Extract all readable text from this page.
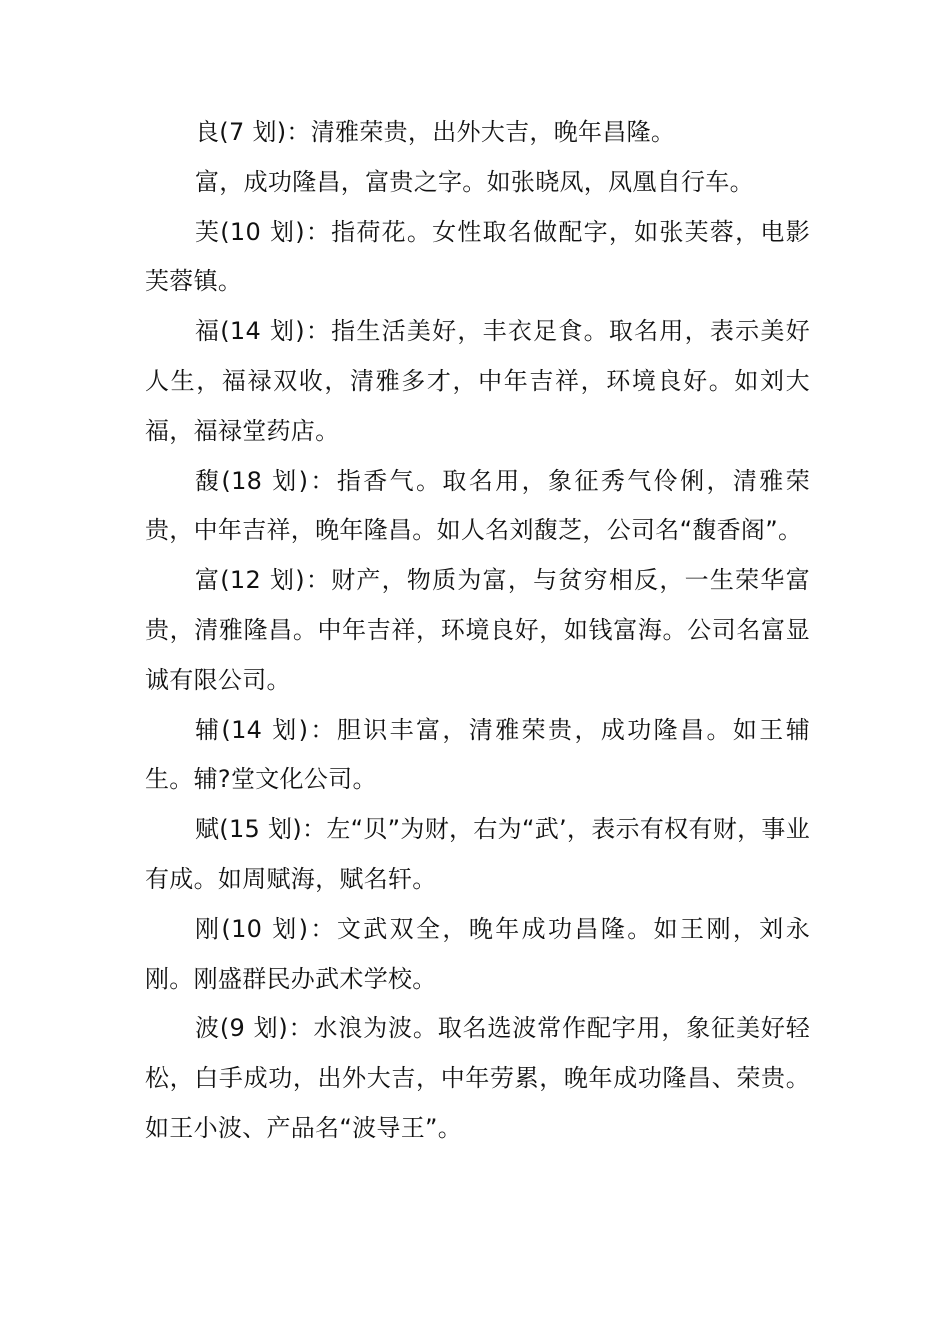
良(7 划)：清雅荣贵，出外大吉，晚年昌隆。

富，成功隆昌，富贵之字。如张晓凤，凤凰自行车。

芙(10 划)：指荷花。女性取名做配字，如张芙蓉，电影芙蓉镇。

福(14 划)：指生活美好，丰衣足食。取名用，表示美好人生，福禄双收，清雅多才，中年吉祥，环境良好。如刘大福，福禄堂药店。

馥(18 划)：指香气。取名用，象征秀气伶俐，清雅荣贵，中年吉祥，晚年隆昌。如人名刘馥芝，公司名“馥香阁”。

富(12 划)：财产，物质为富，与贫穷相反，一生荣华富贵，清雅隆昌。中年吉祥，环境良好，如钱富海。公司名富显诚有限公司。

辅(14 划)：胆识丰富，清雅荣贵，成功隆昌。如王辅生。辅?堂文化公司。

赋(15 划)：左“贝”为财，右为“武’，表示有权有财，事业有成。如周赋海，赋名轩。

刚(10 划)：文武双全，晚年成功昌隆。如王刚，刘永刚。刚盛群民办武术学校。

波(9 划)：水浪为波。取名选波常作配字用，象征美好轻松，白手成功，出外大吉，中年劳累，晚年成功隆昌、荣贵。如王小波、产品名“波导王”。
